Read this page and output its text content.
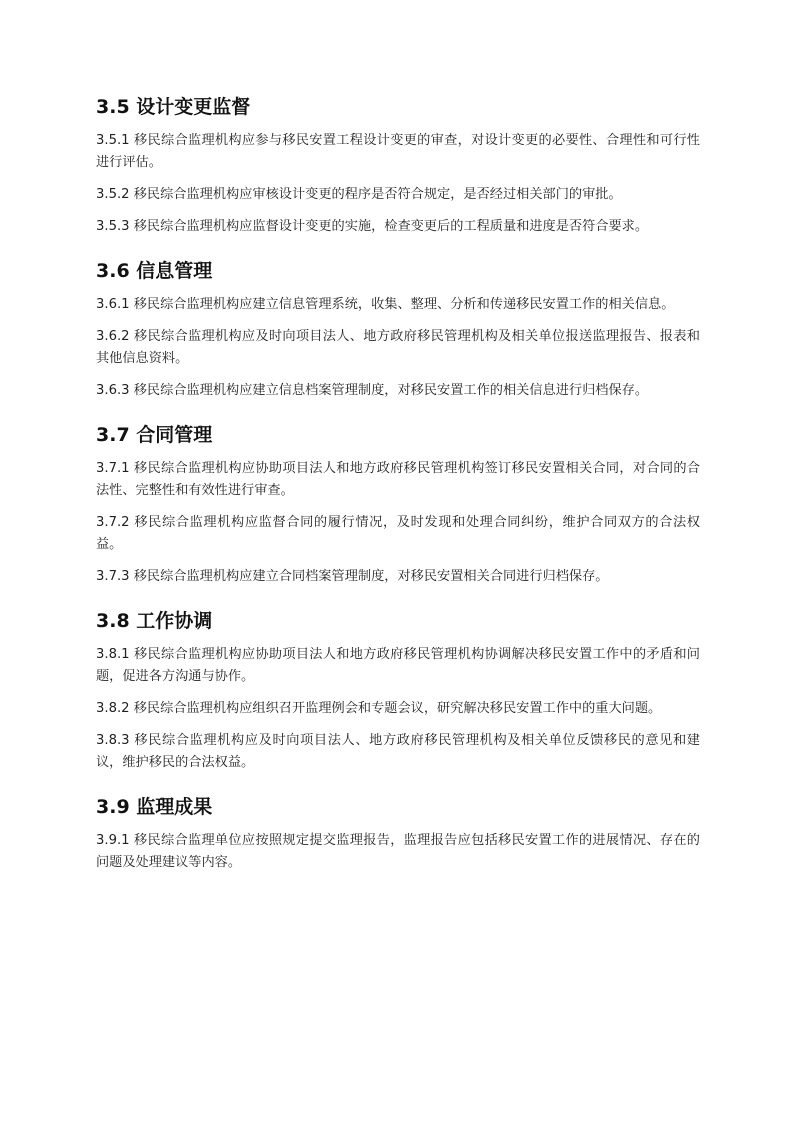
3.5 设计变更监督

3.5.1 移民综合监理机构应参与移民安置工程设计变更的审查，对设计变更的必要性、合理性和可行性进行评估。

3.5.2 移民综合监理机构应审核设计变更的程序是否符合规定，是否经过相关部门的审批。

3.5.3 移民综合监理机构应监督设计变更的实施，检查变更后的工程质量和进度是否符合要求。

3.6 信息管理

3.6.1 移民综合监理机构应建立信息管理系统，收集、整理、分析和传递移民安置工作的相关信息。

3.6.2 移民综合监理机构应及时向项目法人、地方政府移民管理机构及相关单位报送监理报告、报表和其他信息资料。

3.6.3 移民综合监理机构应建立信息档案管理制度，对移民安置工作的相关信息进行归档保存。

3.7 合同管理

3.7.1 移民综合监理机构应协助项目法人和地方政府移民管理机构签订移民安置相关合同，对合同的合法性、完整性和有效性进行审查。

3.7.2 移民综合监理机构应监督合同的履行情况，及时发现和处理合同纠纷，维护合同双方的合法权益。

3.7.3 移民综合监理机构应建立合同档案管理制度，对移民安置相关合同进行归档保存。

3.8 工作协调

3.8.1 移民综合监理机构应协助项目法人和地方政府移民管理机构协调解决移民安置工作中的矛盾和问题，促进各方沟通与协作。

3.8.2 移民综合监理机构应组织召开监理例会和专题会议，研究解决移民安置工作中的重大问题。

3.8.3 移民综合监理机构应及时向项目法人、地方政府移民管理机构及相关单位反馈移民的意见和建议，维护移民的合法权益。

3.9 监理成果

3.9.1 移民综合监理单位应按照规定提交监理报告，监理报告应包括移民安置工作的进展情况、存在的问题及处理建议等内容。
